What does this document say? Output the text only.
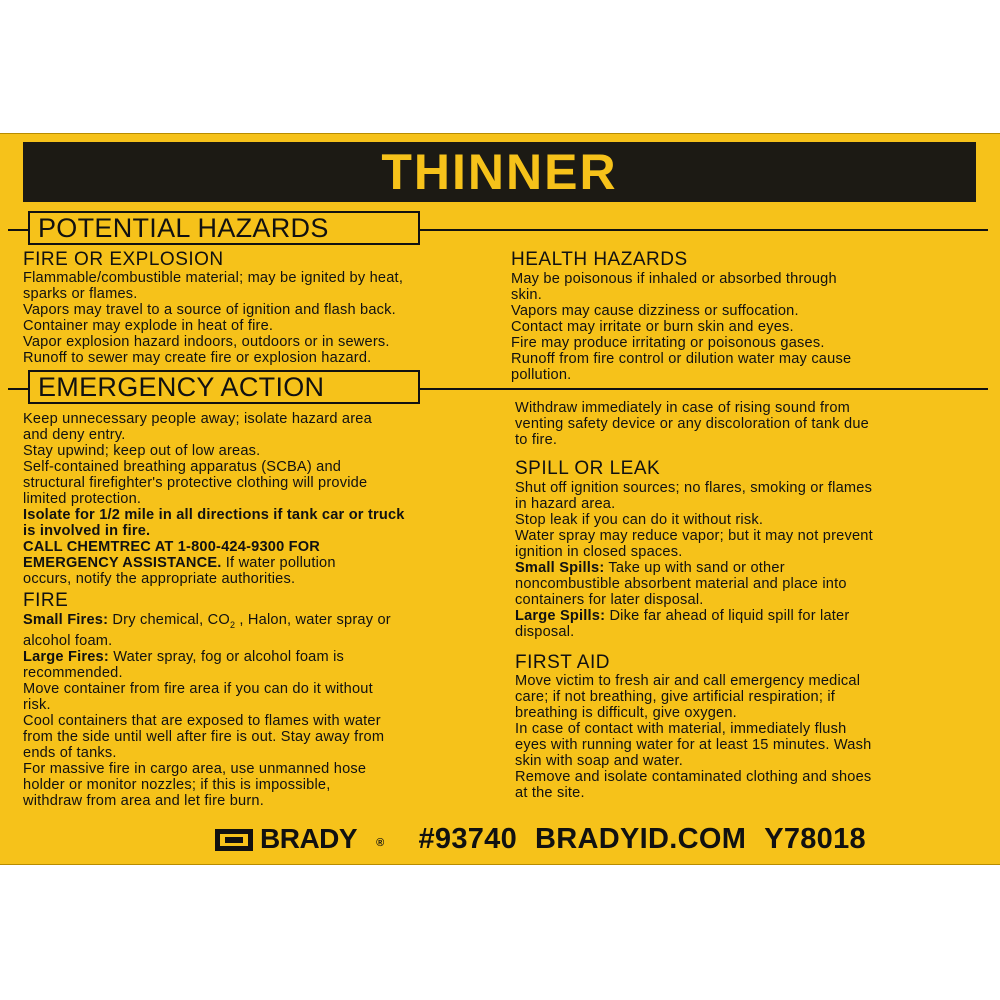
THINNER
POTENTIAL HAZARDS
FIRE OR EXPLOSION

Flammable/combustible material; may be ignited by heat,

sparks or flames.

Vapors may travel to a source of ignition and flash back.

Container may explode in heat of fire.

Vapor explosion hazard indoors, outdoors or in sewers.

Runoff to sewer may create fire or explosion hazard.

HEALTH HAZARDS

May be poisonous if inhaled or absorbed through

skin.

Vapors may cause dizziness or suffocation.

Contact may irritate or burn skin and eyes.

Fire may produce irritating or poisonous gases.

Runoff from fire control or dilution water may cause

pollution.

EMERGENCY ACTION

Keep unnecessary people away; isolate hazard area

and deny entry.

Stay upwind; keep out of low areas.

Self-contained breathing apparatus (SCBA) and

structural firefighter's protective clothing will provide

limited protection.

Isolate for 1/2 mile in all directions if tank car or truck

is involved in fire.

CALL CHEMTREC AT 1-800-424-9300 FOR

EMERGENCY ASSISTANCE. If water pollution

occurs, notify the appropriate authorities.

FIRE

Small Fires: Dry chemical, $CO_2$ , Halon, water spray or

alcohol foam.

Large Fires: Water spray, fog or alcohol foam is

recommended.

Move container from fire area if you can do it without

risk.

Cool containers that are exposed to flames with water

from the side until well after fire is out. Stay away from

ends of tanks.

For massive fire in cargo area, use unmanned hose

holder or monitor nozzles; if this is impossible,

withdraw from area and let fire burn.

Withdraw immediately in case of rising sound from

venting safety device or any discoloration of tank due

to fire.

SPILL OR LEAK

Shut off ignition sources; no flares, smoking or flames

in hazard area.

Stop leak if you can do it without risk.

Water spray may reduce vapor; but it may not prevent

ignition in closed spaces.

Small Spills: Take up with sand or other

noncombustible absorbent material and place into

containers for later disposal.

Large Spills: Dike far ahead of liquid spill for later

disposal.

FIRST AID

Move victim to fresh air and call emergency medical

care; if not breathing, give artificial respiration; if

breathing is difficult, give oxygen.

In case of contact with material, immediately flush

eyes with running water for at least 15 minutes. Wash

skin with soap and water.

Remove and isolate contaminated clothing and shoes

at the site.

BRADY ® #93740 BRADYID.COM Y78018
